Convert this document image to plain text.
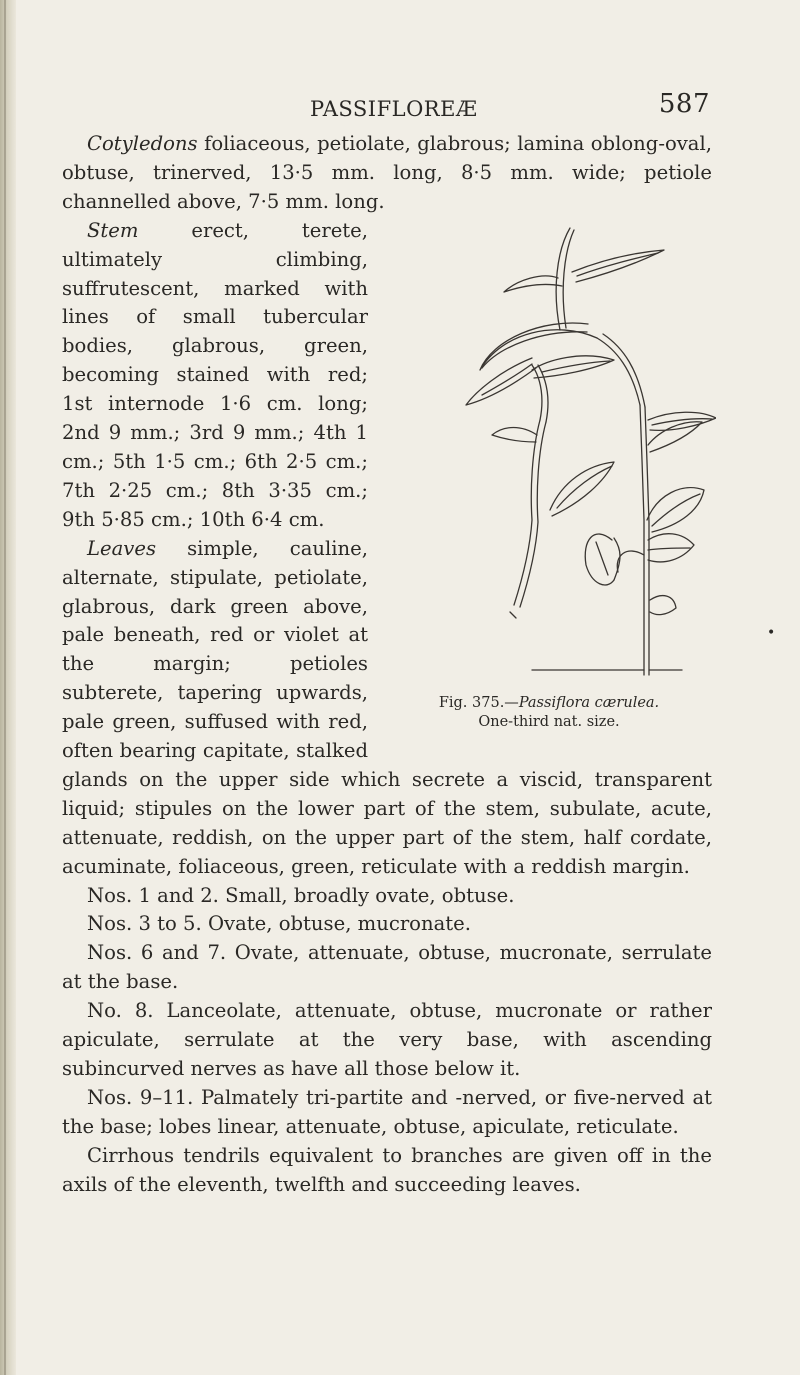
PASSIFLOREÆ	587

Cotyledons foliaceous, petiolate, glabrous; lamina oblong-oval, obtuse, trinerved, 13·5 mm. long, 8·5 mm. wide; petiole channelled above, 7·5 mm. long.

Fig. 375.—Passiflora cærulea.
One-third nat. size.

Stem erect, terete, ultimately climbing, suffrutescent, marked with lines of small tubercular bodies, glabrous, green, becoming stained with red; 1st internode 1·6 cm. long; 2nd 9 mm.; 3rd 9 mm.; 4th 1 cm.; 5th 1·5 cm.; 6th 2·5 cm.; 7th 2·25 cm.; 8th 3·35 cm.; 9th 5·85 cm.; 10th 6·4 cm.

Leaves simple, cauline, alternate, stipulate, petiolate, glabrous, dark green above, pale beneath, red or violet at the margin; petioles subterete, tapering upwards, pale green, suffused with red, often bearing capitate, stalked glands on the upper side which secrete a viscid, transparent liquid; stipules on the lower part of the stem, subulate, acute, attenuate, reddish, on the upper part of the stem, half cordate, acuminate, foliaceous, green, reticulate with a reddish margin.

Nos. 1 and 2. Small, broadly ovate, obtuse.

Nos. 3 to 5. Ovate, obtuse, mucronate.

Nos. 6 and 7. Ovate, attenuate, obtuse, mucronate, serrulate at the base.

No. 8. Lanceolate, attenuate, obtuse, mucronate or rather apiculate, serrulate at the very base, with ascending subincurved nerves as have all those below it.

Nos. 9–11. Palmately tri-partite and -nerved, or five-nerved at the base; lobes linear, attenuate, obtuse, apiculate, reticulate.

Cirrhous tendrils equivalent to branches are given off in the axils of the eleventh, twelfth and succeeding leaves.

•
